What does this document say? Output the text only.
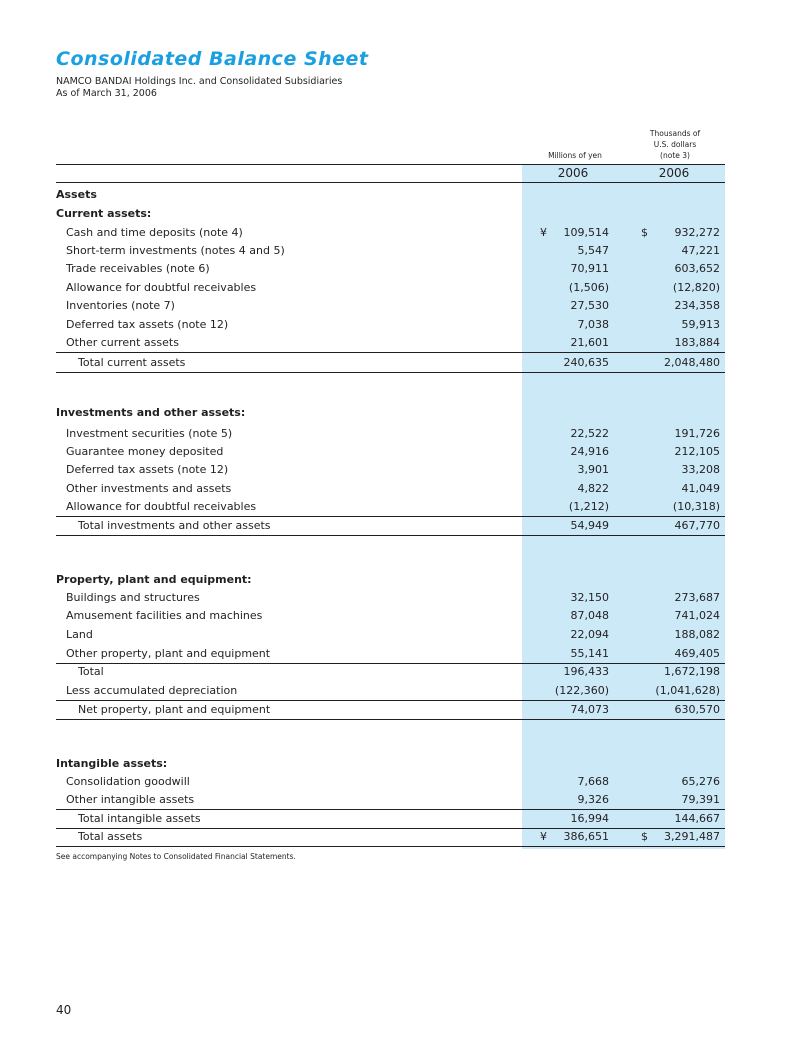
Consolidated Balance Sheet
NAMCO BANDAI Holdings Inc. and Consolidated Subsidiaries
As of March 31, 2006
Millions of yen
Thousands of
U.S. dollars
(note 3)
2006	2006
Assets
Current assets:
Cash and time deposits (note 4)	109,514	932,272
Short-term investments (notes 4 and 5)	5,547	47,221
Trade receivables (note 6)	70,911	603,652
Allowance for doubtful receivables	(1,506)	(12,820)
Inventories (note 7)	27,530	234,358
Deferred tax assets (note 12)	7,038	59,913
Other current assets	21,601	183,884
Total current assets	240,635	2,048,480
Investments and other assets:
Investment securities (note 5)	22,522	191,726
Guarantee money deposited	24,916	212,105
Deferred tax assets (note 12)	3,901	33,208
Other investments and assets	4,822	41,049
Allowance for doubtful receivables	(1,212)	(10,318)
Total investments and other assets	54,949	467,770
Property, plant and equipment:
Buildings and structures	32,150	273,687
Amusement facilities and machines	87,048	741,024
Land	22,094	188,082
Other property, plant and equipment	55,141	469,405
Total	196,433	1,672,198
Less accumulated depreciation	(122,360)	(1,041,628)
Net property, plant and equipment	74,073	630,570
Intangible assets:
Consolidation goodwill	7,668	65,276
Other intangible assets	9,326	79,391
Total intangible assets	16,994	144,667
Total assets	386,651	3,291,487
¥	$
¥	$
See accompanying Notes to Consolidated Financial Statements.
40
